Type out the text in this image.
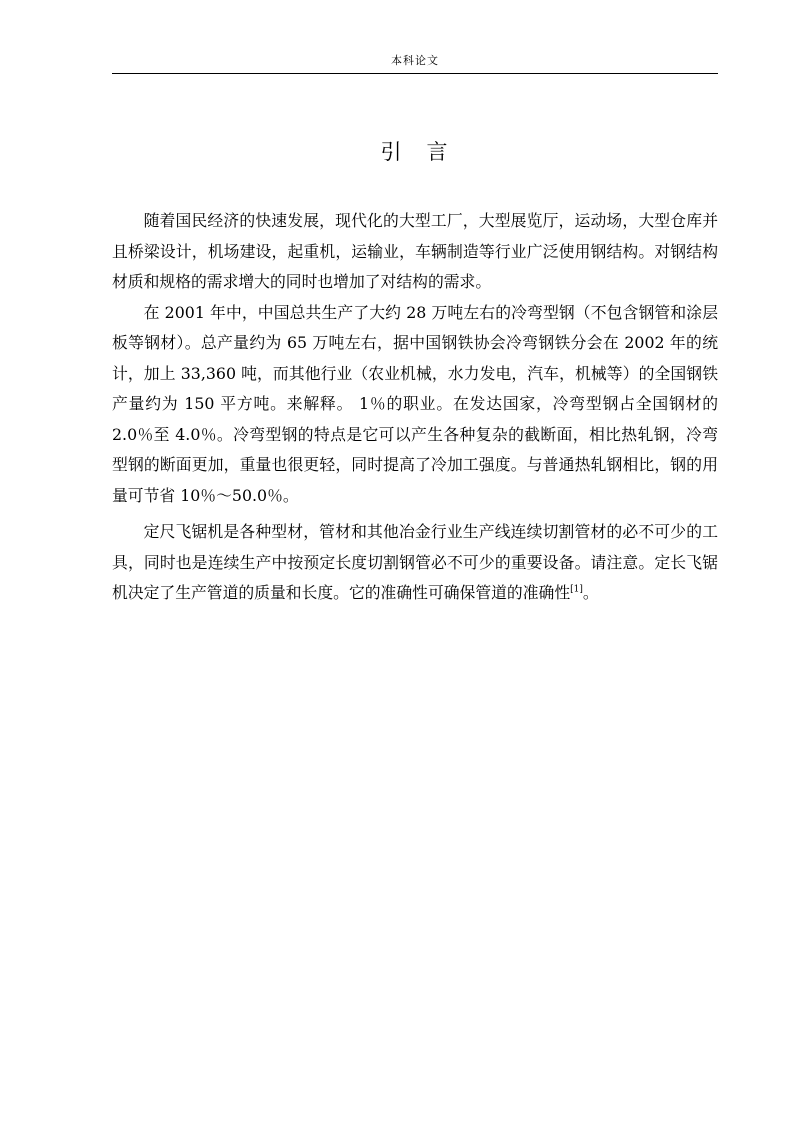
本科论文
引　言

随着国民经济的快速发展，现代化的大型工厂，大型展览厅，运动场，大型仓库并且桥梁设计，机场建设，起重机，运输业，车辆制造等行业广泛使用钢结构。对钢结构材质和规格的需求增大的同时也增加了对结构的需求。

在 2001 年中，中国总共生产了大约 28 万吨左右的冷弯型钢（不包含钢管和涂层板等钢材）。总产量约为 65 万吨左右，据中国钢铁协会冷弯钢铁分会在 2002 年的统计，加上 33,360 吨，而其他行业（农业机械，水力发电，汽车，机械等）的全国钢铁产量约为 150 平方吨。来解释。 1％的职业。在发达国家，冷弯型钢占全国钢材的 2.0％至 4.0％。冷弯型钢的特点是它可以产生各种复杂的截断面，相比热轧钢，冷弯型钢的断面更加，重量也很更轻，同时提高了冷加工强度。与普通热轧钢相比，钢的用量可节省 10％～50.0％。

定尺飞锯机是各种型材，管材和其他冶金行业生产线连续切割管材的必不可少的工具，同时也是连续生产中按预定长度切割钢管必不可少的重要设备。请注意。定长飞锯机决定了生产管道的质量和长度。它的准确性可确保管道的准确性[1]。
